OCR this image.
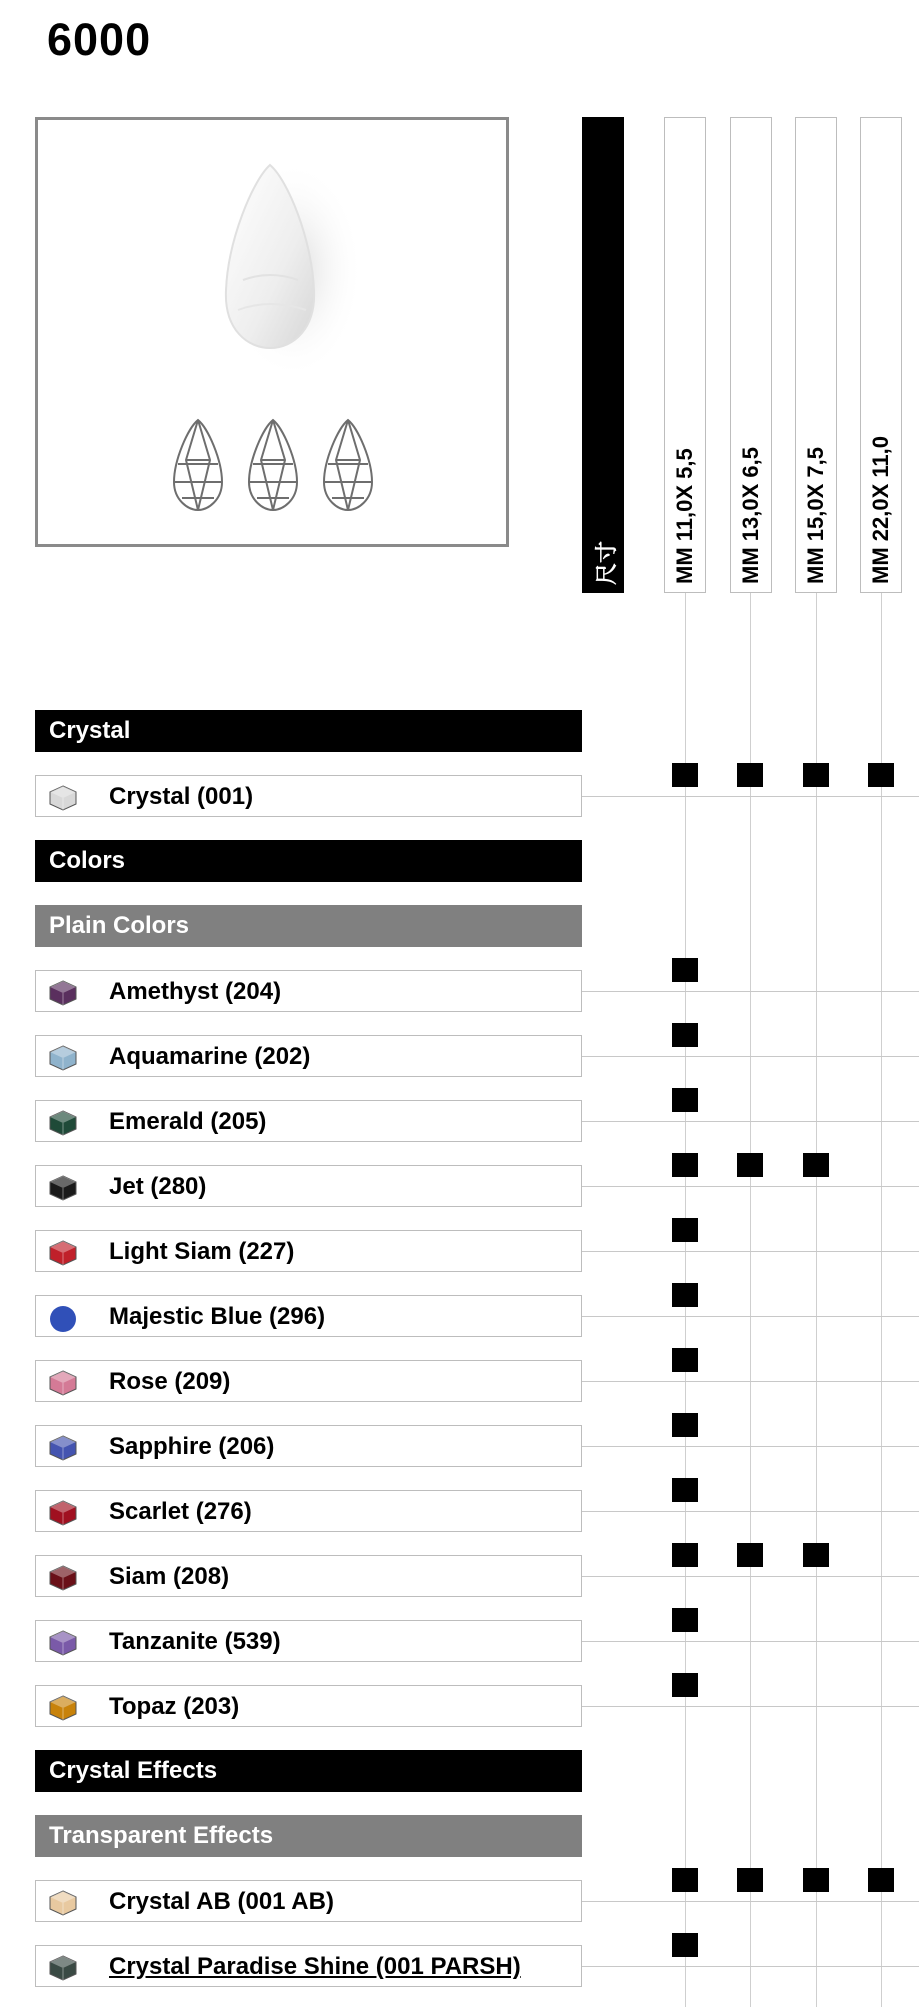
6000
尺寸 MM 11,0X 5,5 MM 13,0X 6,5 MM 15,0X 7,5 MM 22,0X 11,0
Crystal
Crystal (001)
Colors
Plain Colors
Amethyst (204)
Aquamarine (202)
Emerald (205)
Jet (280)
Light Siam (227)
Majestic Blue (296)
Rose (209)
Sapphire (206)
Scarlet (276)
Siam (208)
Tanzanite (539)
Topaz (203)
Crystal Effects
Transparent Effects
Crystal AB (001 AB)
Crystal Paradise Shine (001 PARSH)
